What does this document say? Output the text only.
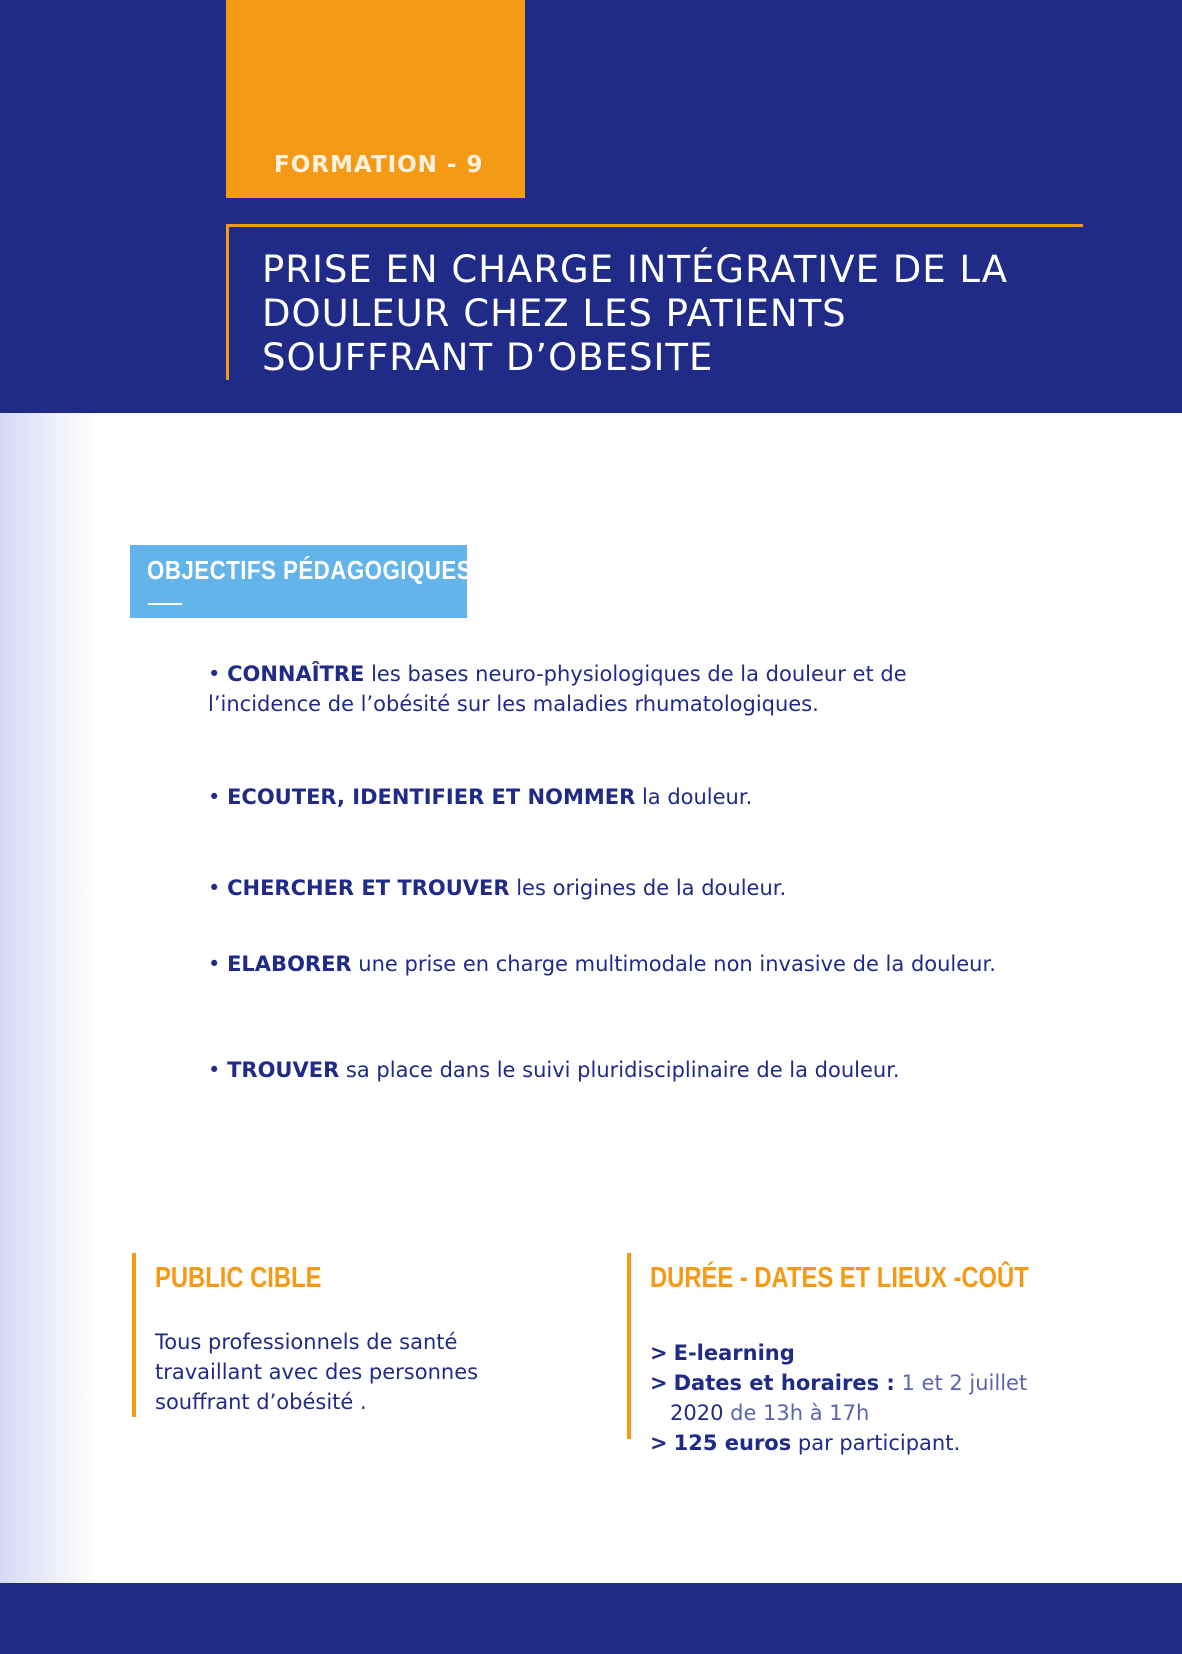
FORMATION - 9
PRISE EN CHARGE INTÉGRATIVE DE LA
DOULEUR CHEZ LES PATIENTS
SOUFFRANT D’OBESITE
OBJECTIFS PÉDAGOGIQUES

• CONNAÎTRE les bases neuro-physiologiques de la douleur et de l’incidence de l’obésité sur les maladies rhumatologiques.

• ECOUTER, IDENTIFIER ET NOMMER la douleur.

• CHERCHER ET TROUVER les origines de la douleur.

• ELABORER une prise en charge multimodale non invasive de la douleur.

• TROUVER sa place dans le suivi pluridisciplinaire de la douleur.

PUBLIC CIBLE

Tous professionnels de santé travaillant avec des personnes souffrant d’obésité .

DURÉE - DATES ET LIEUX -COÛT
> E-learning
> Dates et horaires : 1 et 2 juillet
2020 de 13h à 17h
> 125 euros par participant.
